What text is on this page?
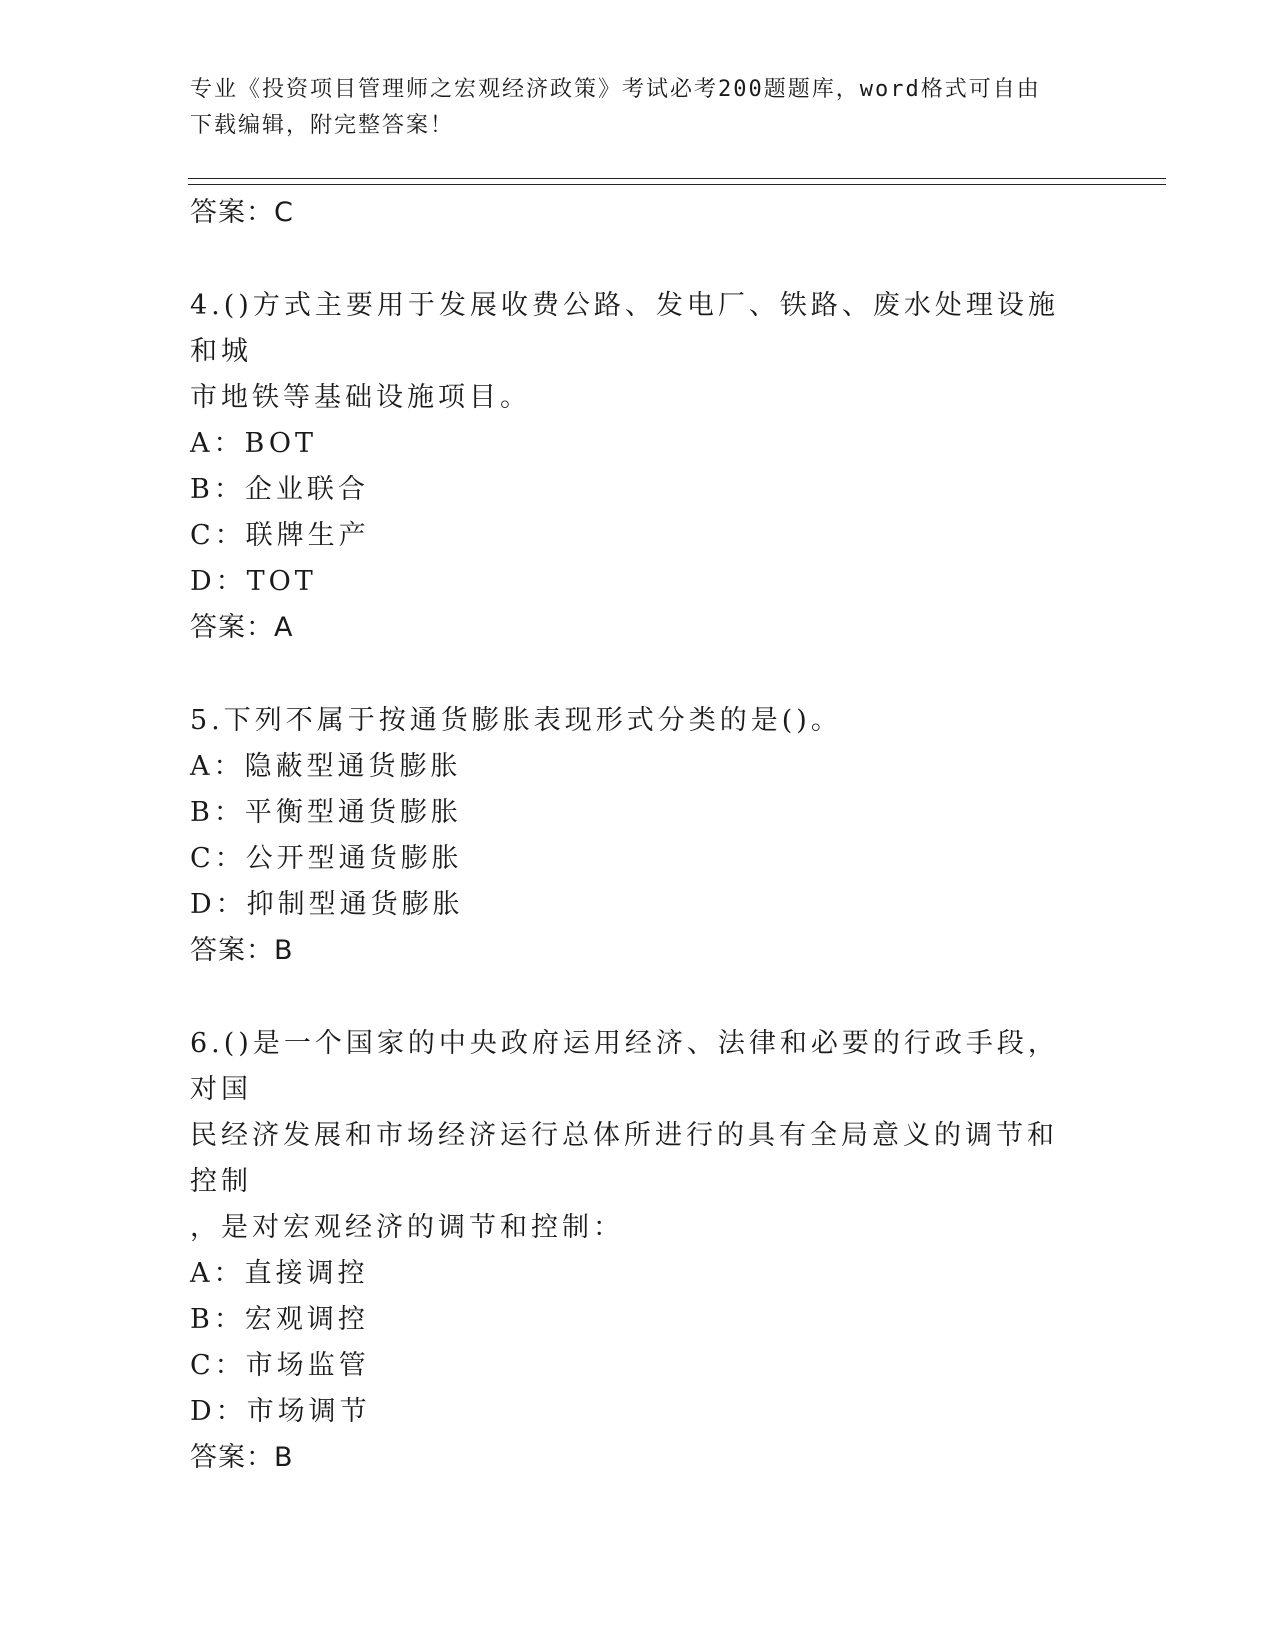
专业《投资项目管理师之宏观经济政策》考试必考200题题库，word格式可自由
下载编辑，附完整答案！
答案：C
4.()方式主要用于发展收费公路、发电厂、铁路、废水处理设施和城
市地铁等基础设施项目。
A：BOT
B：企业联合
C：联牌生产
D：TOT
答案：A
5.下列不属于按通货膨胀表现形式分类的是()。
A：隐蔽型通货膨胀
B：平衡型通货膨胀
C：公开型通货膨胀
D：抑制型通货膨胀
答案：B
6.()是一个国家的中央政府运用经济、法律和必要的行政手段，对国
民经济发展和市场经济运行总体所进行的具有全局意义的调节和控制
，是对宏观经济的调节和控制：
A：直接调控
B：宏观调控
C：市场监管
D：市场调节
答案：B
